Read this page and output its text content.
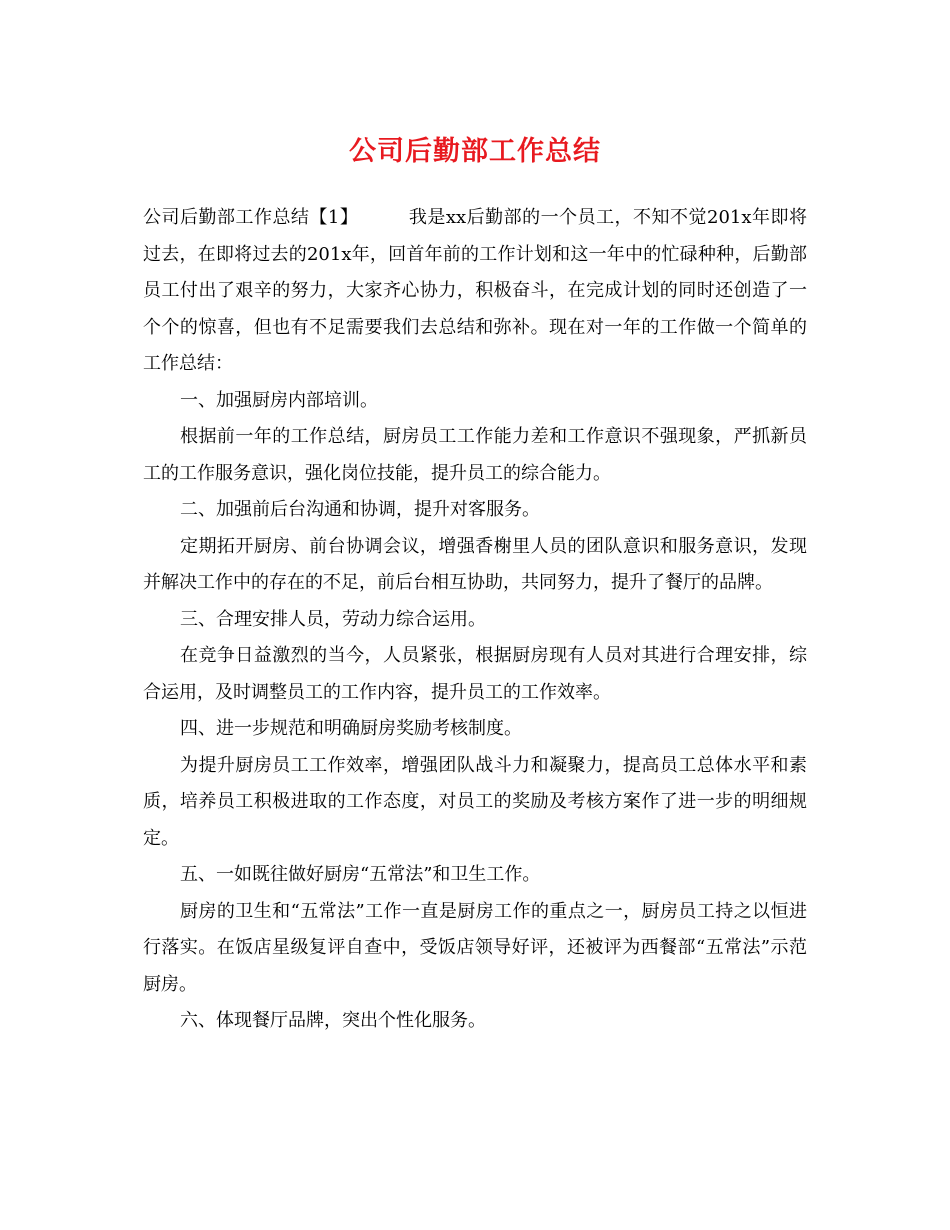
公司后勤部工作总结

公司后勤部工作总结【1】	我是xx后勤部的一个员工，不知不觉201x年即将过去，在即将过去的201x年，回首年前的工作计划和这一年中的忙碌种种，后勤部员工付出了艰辛的努力，大家齐心协力，积极奋斗，在完成计划的同时还创造了一个个的惊喜，但也有不足需要我们去总结和弥补。现在对一年的工作做一个简单的工作总结：

一、加强厨房内部培训。

根据前一年的工作总结，厨房员工工作能力差和工作意识不强现象，严抓新员工的工作服务意识，强化岗位技能，提升员工的综合能力。

二、加强前后台沟通和协调，提升对客服务。

定期拓开厨房、前台协调会议，增强香榭里人员的团队意识和服务意识，发现并解决工作中的存在的不足，前后台相互协助，共同努力，提升了餐厅的品牌。

三、合理安排人员，劳动力综合运用。

在竞争日益激烈的当今，人员紧张，根据厨房现有人员对其进行合理安排，综合运用，及时调整员工的工作内容，提升员工的工作效率。

四、进一步规范和明确厨房奖励考核制度。

为提升厨房员工工作效率，增强团队战斗力和凝聚力，提高员工总体水平和素质，培养员工积极进取的工作态度，对员工的奖励及考核方案作了进一步的明细规定。

五、一如既往做好厨房“五常法”和卫生工作。

厨房的卫生和“五常法”工作一直是厨房工作的重点之一，厨房员工持之以恒进行落实。在饭店星级复评自查中，受饭店领导好评，还被评为西餐部“五常法”示范厨房。

六、体现餐厅品牌，突出个性化服务。
